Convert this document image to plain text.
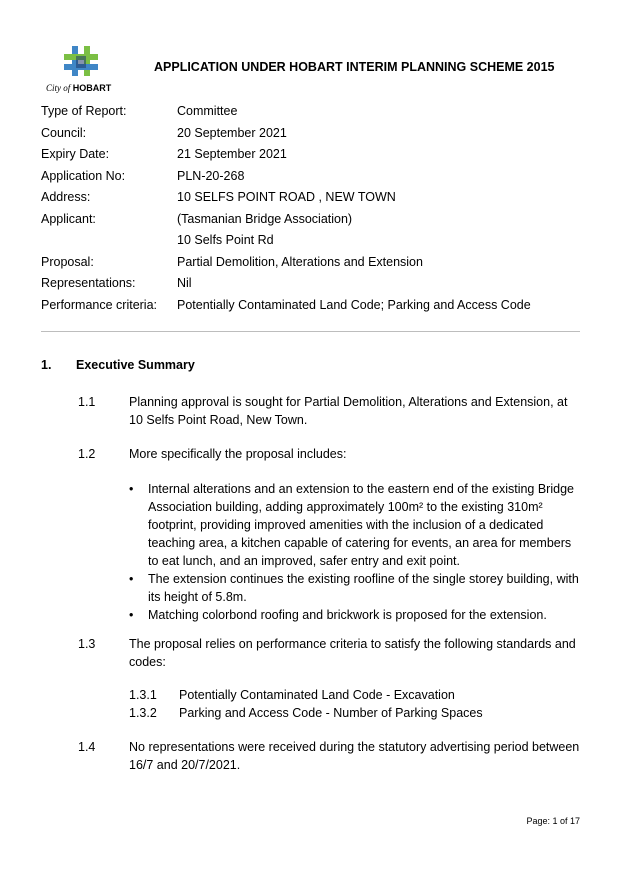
City of HOBART
APPLICATION UNDER HOBART INTERIM PLANNING SCHEME 2015
Type of Report:	Committee
Council:	20 September 2021
Expiry Date:	21 September 2021
Application No:	PLN-20-268
Address:	10 SELFS POINT ROAD , NEW TOWN
Applicant:	(Tasmanian Bridge Association)
10 Selfs Point Rd
Proposal:	Partial Demolition, Alterations and Extension
Representations:	Nil
Performance criteria:	Potentially Contaminated Land Code; Parking and Access Code
1. Executive Summary
1.1	Planning approval is sought for Partial Demolition, Alterations and Extension, at 10 Selfs Point Road, New Town.
1.2	More specifically the proposal includes:
• Internal alterations and an extension to the eastern end of the existing Bridge Association building, adding approximately 100m² to the existing 310m² footprint, providing improved amenities with the inclusion of a dedicated teaching area, a kitchen capable of catering for events, an area for members to eat lunch, and an improved, safer entry and exit point.
• The extension continues the existing roofline of the single storey building, with its height of 5.8m.
• Matching colorbond roofing and brickwork is proposed for the extension.
1.3	The proposal relies on performance criteria to satisfy the following standards and codes:
1.3.1	Potentially Contaminated Land Code - Excavation
1.3.2	Parking and Access Code - Number of Parking Spaces
1.4	No representations were received during the statutory advertising period between 16/7 and 20/7/2021.
Page: 1 of 17
